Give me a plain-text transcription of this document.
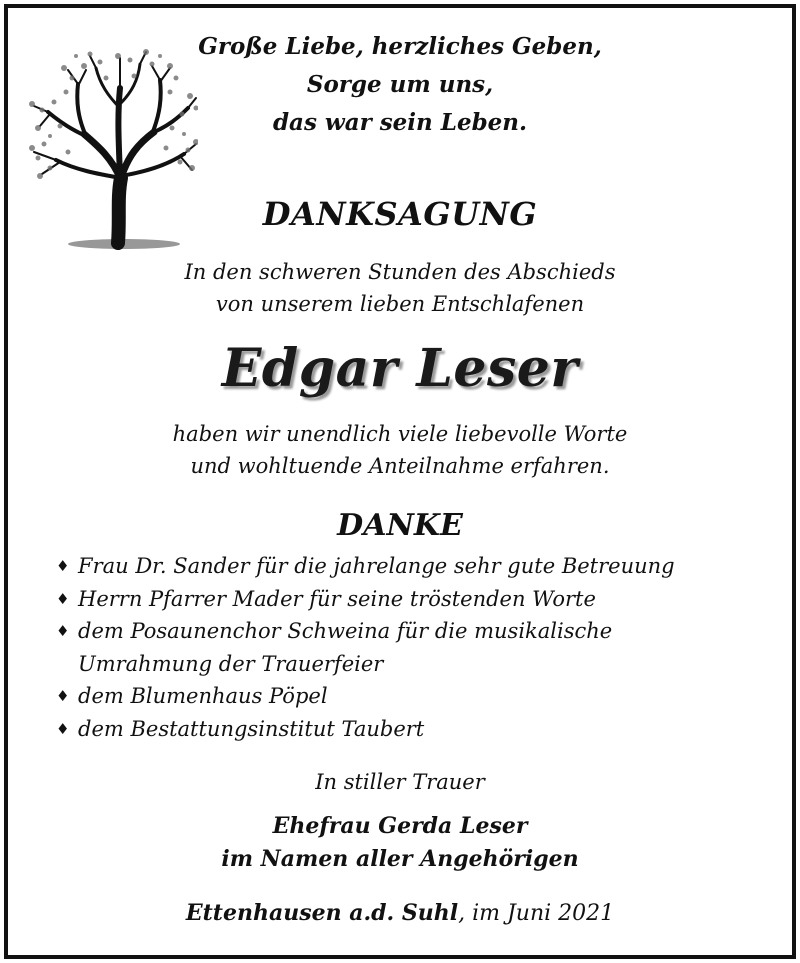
Große Liebe, herzliches Geben,
Sorge um uns,
das war sein Leben.
DANKSAGUNG
In den schweren Stunden des Abschieds
von unserem lieben Entschlafenen
Edgar Leser
haben wir unendlich viele liebevolle Worte
und wohltuende Anteilnahme erfahren.
DANKE
♦ Frau Dr. Sander für die jahrelange sehr gute Betreuung
♦ Herrn Pfarrer Mader für seine tröstenden Worte
♦ dem Posaunenchor Schweina für die musikalische
Umrahmung der Trauerfeier
♦ dem Blumenhaus Pöpel
♦ dem Bestattungsinstitut Taubert
In stiller Trauer
Ehefrau Gerda Leser
im Namen aller Angehörigen
Ettenhausen a.d. Suhl, im Juni 2021
